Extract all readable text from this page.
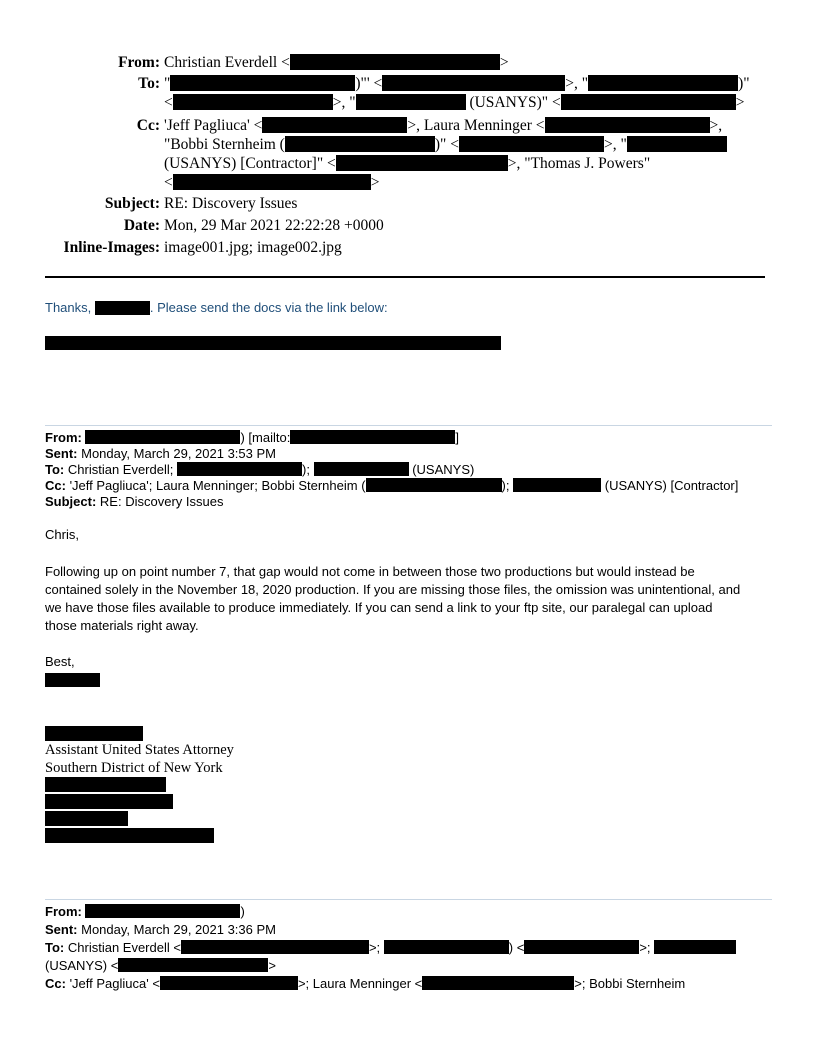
From: Christian Everdell <	>
To: "	)"' <	>, "	)"
<	>, "	(USANYS)" <	>
Cc: 'Jeff Pagliuca' <	>, Laura Menninger <	>,
"Bobbi Sternheim (	)" <	>, "
(USANYS) [Contractor]" <	>, "Thomas J. Powers"
<	>
Subject: RE: Discovery Issues
Date: Mon, 29 Mar 2021 22:22:28 +0000
Inline-Images: image001.jpg; image002.jpg
Thanks,	. Please send the docs via the link below:
From:	) [mailto:	]
Sent: Monday, March 29, 2021 3:53 PM
To: Christian Everdell;	);	(USANYS)
Cc: 'Jeff Pagliuca'; Laura Menninger; Bobbi Sternheim (	);	(USANYS) [Contractor]
Subject: RE: Discovery Issues
Chris,
Following up on point number 7, that gap would not come in between those two productions but would instead be
contained solely in the November 18, 2020 production. If you are missing those files, the omission was unintentional, and
we have those files available to produce immediately. If you can send a link to your ftp site, our paralegal can upload
those materials right away.
Best,
Assistant United States Attorney
Southern District of New York
From:	)
Sent: Monday, March 29, 2021 3:36 PM
To: Christian Everdell <	>;	) <	>;
(USANYS) <	>
Cc: 'Jeff Pagliuca' <	>; Laura Menninger <	>; Bobbi Sternheim
